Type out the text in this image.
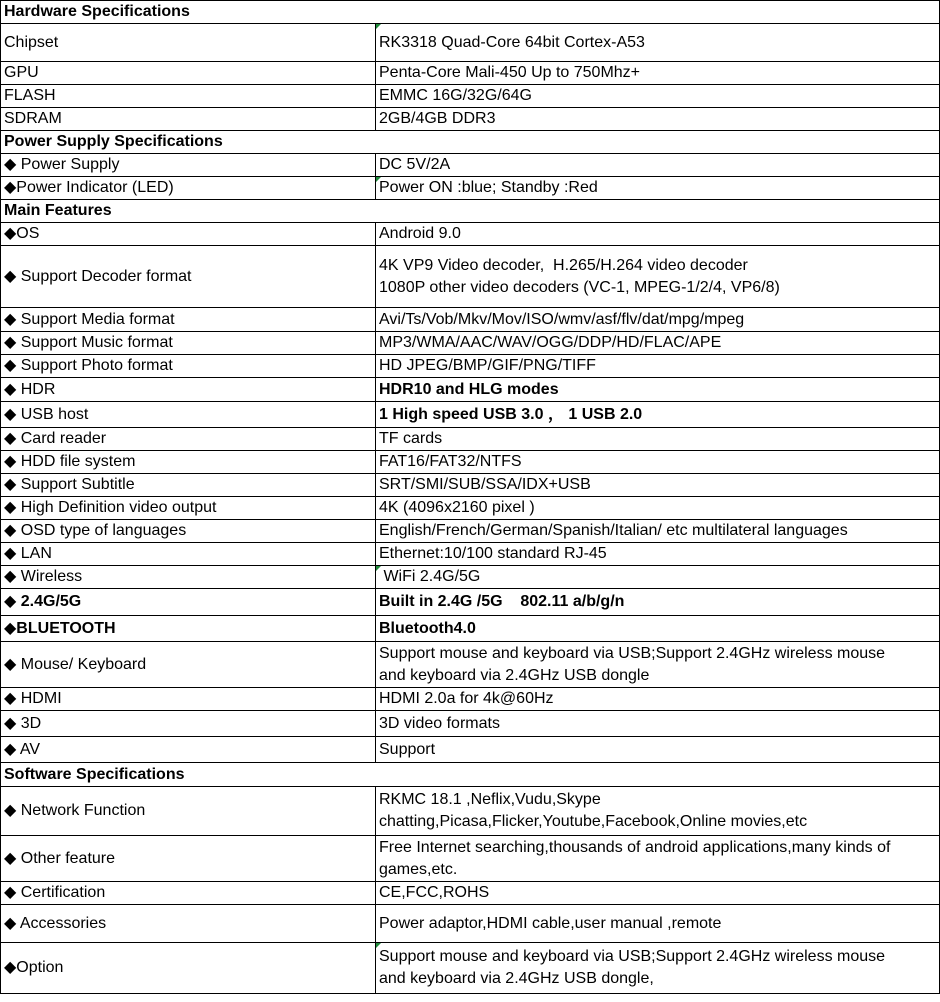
Hardware Specifications	
Chipset	RK3318 Quad-Core 64bit Cortex-A53

GPU	Penta-Core Mali-450 Up to 750Mhz+

FLASH	EMMC 16G/32G/64G

SDRAM	2GB/4GB DDR3

Power Supply Specifications	
◆ Power Supply	DC 5V/2A

◆Power Indicator (LED)	Power ON :blue; Standby :Red

Main Features	
◆OS	Android 9.0

◆ Support Decoder format	4K VP9 Video decoder,  H.265/H.264 video decoder
1080P other video decoders (VC-1, MPEG-1/2/4, VP6/8)

◆ Support Media format	Avi/Ts/Vob/Mkv/Mov/ISO/wmv/asf/flv/dat/mpg/mpeg

◆ Support Music format	MP3/WMA/AAC/WAV/OGG/DDP/HD/FLAC/APE

◆ Support Photo format	HD JPEG/BMP/GIF/PNG/TIFF

◆ HDR	HDR10 and HLG modes

◆ USB host	1 High speed USB 3.0 ， 1 USB 2.0

◆ Card reader	TF cards

◆ HDD file system	FAT16/FAT32/NTFS

◆ Support Subtitle	SRT/SMI/SUB/SSA/IDX+USB

◆ High Definition video output	4K (4096x2160 pixel )

◆ OSD type of languages	English/French/German/Spanish/Italian/ etc multilateral languages

◆ LAN	Ethernet:10/100 standard RJ-45

◆ Wireless	WiFi 2.4G/5G

◆ 2.4G/5G	Built in 2.4G /5G    802.11 a/b/g/n

◆BLUETOOTH	Bluetooth4.0

◆ Mouse/ Keyboard	Support mouse and keyboard via USB;Support 2.4GHz wireless mouse
and keyboard via 2.4GHz USB dongle

◆ HDMI	HDMI 2.0a for 4k@60Hz

◆ 3D	3D video formats

◆ AV	Support

Software Specifications	
◆ Network Function	RKMC 18.1 ,Neflix,Vudu,Skype
chatting,Picasa,Flicker,Youtube,Facebook,Online movies,etc

◆ Other feature	Free Internet searching,thousands of android applications,many kinds of
games,etc.

◆ Certification	CE,FCC,ROHS

◆ Accessories	Power adaptor,HDMI cable,user manual ,remote

◆Option	Support mouse and keyboard via USB;Support 2.4GHz wireless mouse
and keyboard via 2.4GHz USB dongle,
